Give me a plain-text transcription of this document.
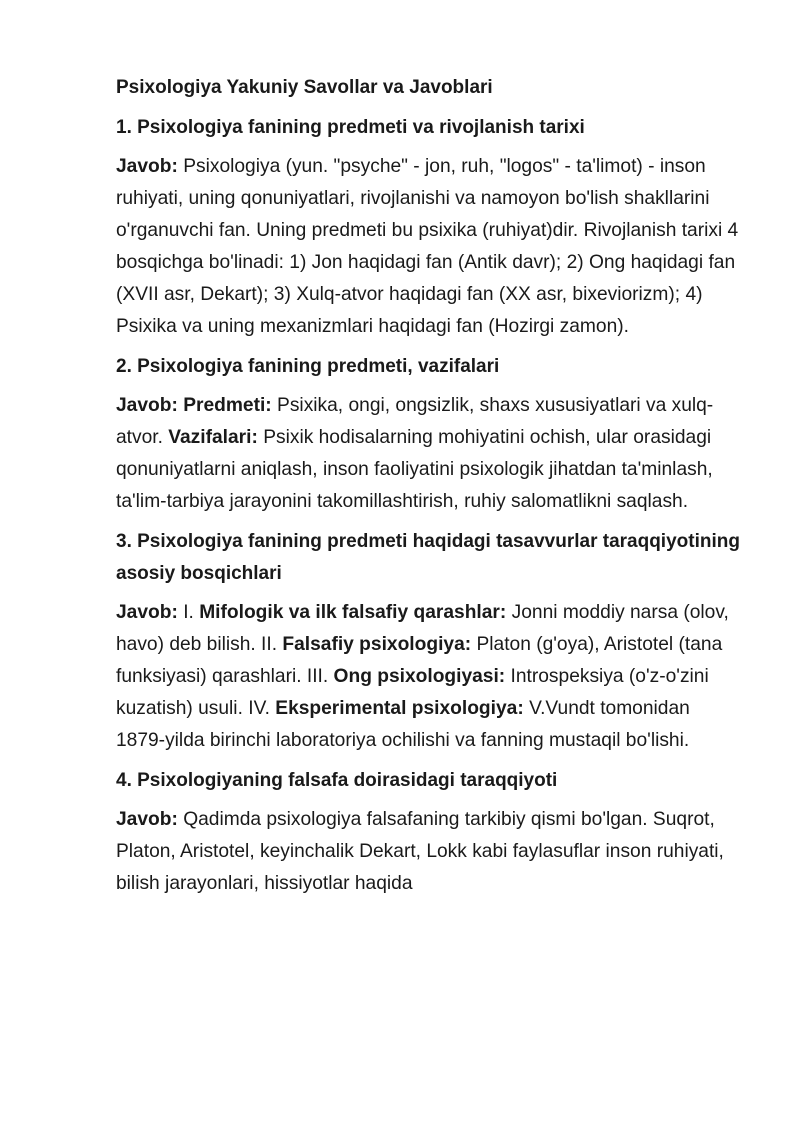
Psixologiya Yakuniy Savollar va Javoblari
1. Psixologiya fanining predmeti va rivojlanish tarixi
Javob: Psixologiya (yun. "psyche" - jon, ruh, "logos" - ta'limot) - inson ruhiyati, uning qonuniyatlari, rivojlanishi va namoyon bo'lish shakllarini o'rganuvchi fan. Uning predmeti bu psixika (ruhiyat)dir. Rivojlanish tarixi 4 bosqichga bo'linadi: 1) Jon haqidagi fan (Antik davr); 2) Ong haqidagi fan (XVII asr, Dekart); 3) Xulq-atvor haqidagi fan (XX asr, bixeviorizm); 4) Psixika va uning mexanizmlari haqidagi fan (Hozirgi zamon).
2. Psixologiya fanining predmeti, vazifalari
Javob: Predmeti: Psixika, ongi, ongsizlik, shaxs xususiyatlari va xulq-atvor. Vazifalari: Psixik hodisalarning mohiyatini ochish, ular orasidagi qonuniyatlarni aniqlash, inson faoliyatini psixologik jihatdan ta'minlash, ta'lim-tarbiya jarayonini takomillashtirish, ruhiy salomatlikni saqlash.
3. Psixologiya fanining predmeti haqidagi tasavvurlar taraqqiyotining asosiy bosqichlari
Javob: I. Mifologik va ilk falsafiy qarashlar: Jonni moddiy narsa (olov, havo) deb bilish. II. Falsafiy psixologiya: Platon (g'oya), Aristotel (tana funksiyasi) qarashlari. III. Ong psixologiyasi: Introspeksiya (o'z-o'zini kuzatish) usuli. IV. Eksperimental psixologiya: V.Vundt tomonidan 1879-yilda birinchi laboratoriya ochilishi va fanning mustaqil bo'lishi.
4. Psixologiyaning falsafa doirasidagi taraqqiyoti
Javob: Qadimda psixologiya falsafaning tarkibiy qismi bo'lgan. Suqrot, Platon, Aristotel, keyinchalik Dekart, Lokk kabi faylasuflar inson ruhiyati, bilish jarayonlari, hissiyotlar haqida
